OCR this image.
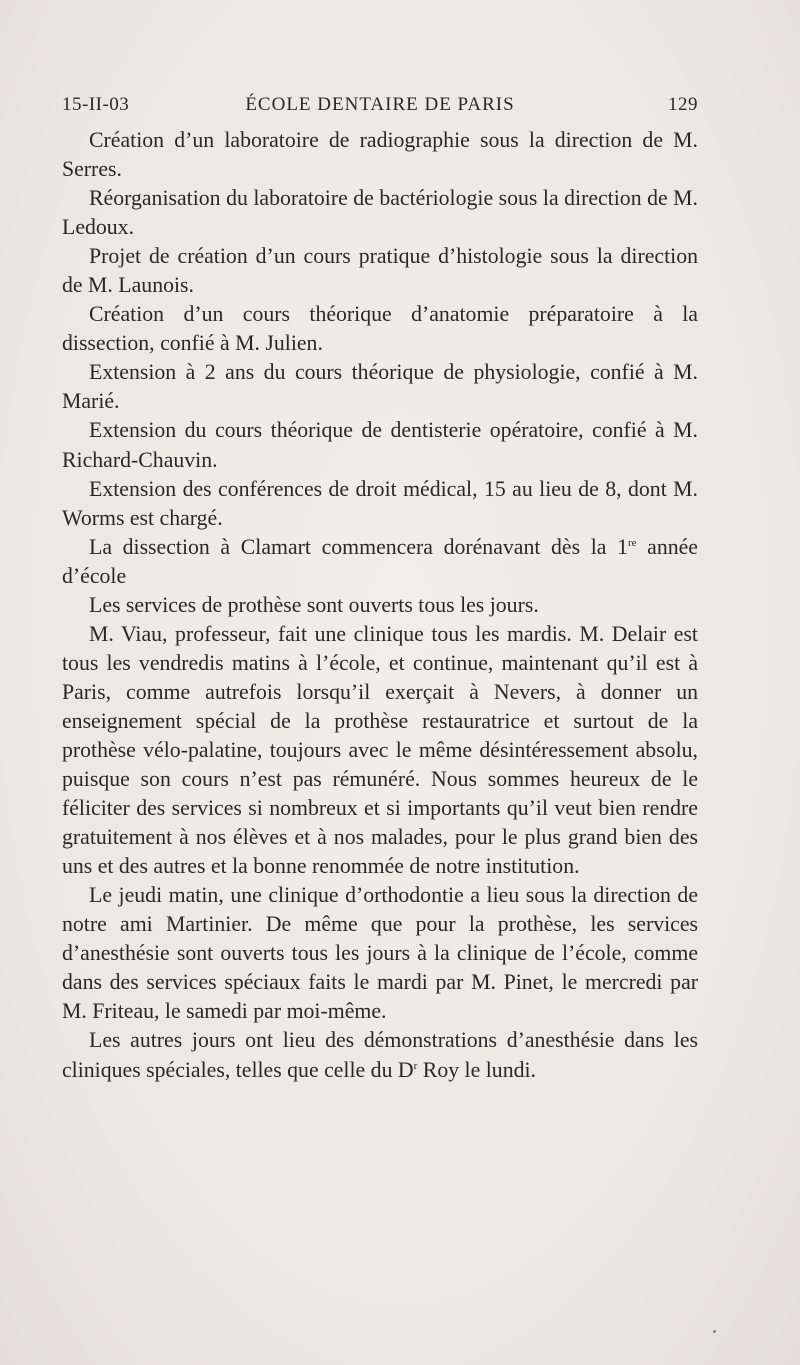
15-II-03	ÉCOLE DENTAIRE DE PARIS	129

Création d’un laboratoire de radiographie sous la direction de M. Serres.

Réorganisation du laboratoire de bactériologie sous la direction de M. Ledoux.

Projet de création d’un cours pratique d’histologie sous la direction de M. Launois.

Création d’un cours théorique d’anatomie préparatoire à la dissection, confié à M. Julien.

Extension à 2 ans du cours théorique de physiologie, confié à M. Marié.

Extension du cours théorique de dentisterie opératoire, confié à M. Richard-Chauvin.

Extension des conférences de droit médical, 15 au lieu de 8, dont M. Worms est chargé.

La dissection à Clamart commencera dorénavant dès la 1re année d’école

Les services de prothèse sont ouverts tous les jours.

M. Viau, professeur, fait une clinique tous les mardis. M. Delair est tous les vendredis matins à l’école, et continue, maintenant qu’il est à Paris, comme autrefois lorsqu’il exerçait à Nevers, à donner un enseignement spécial de la prothèse restauratrice et surtout de la prothèse vélo-palatine, toujours avec le même désintéressement absolu, puisque son cours n’est pas rémunéré. Nous sommes heureux de le féliciter des services si nombreux et si importants qu’il veut bien rendre gratuitement à nos élèves et à nos malades, pour le plus grand bien des uns et des autres et la bonne renommée de notre institution.

Le jeudi matin, une clinique d’orthodontie a lieu sous la direction de notre ami Martinier. De même que pour la prothèse, les services d’anesthésie sont ouverts tous les jours à la clinique de l’école, comme dans des services spéciaux faits le mardi par M. Pinet, le mercredi par M. Friteau, le samedi par moi-même.

Les autres jours ont lieu des démonstrations d’anesthésie dans les cliniques spéciales, telles que celle du $D^r$ Roy le lundi.
